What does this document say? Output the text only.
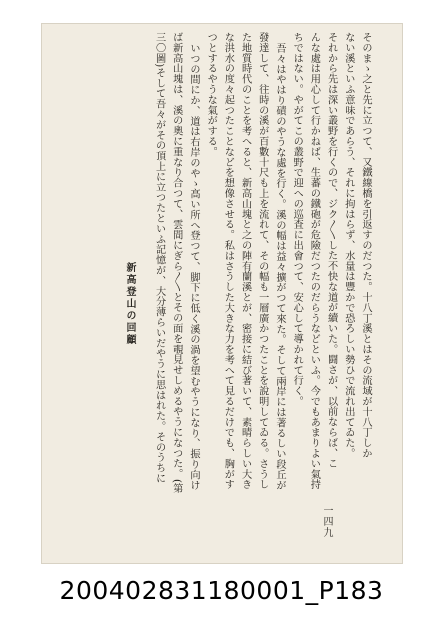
そのまゝ之と先に立つて、又鐵線橋を引返すのだつた。十八丁溪とはその流域が十八丁しか
ない溪といふ意味であらう、それに拘はらず、水量は豐かで恐ろしい勢ひで流れ出てゐた。
それから先は深い叢野を行くので、ジク〱した不快な道が續いた。闘さが、以前ならば、こ
んな處は用心して行かねば、生蕃の鐵砲が危險だつたのだらうなどといふ。今でもあまりよい氣持
ちではない。やがてこの叢野で迎への巡査に出會つて、安心して導かれて行く。
吾々はやはり磧のやうな處を行く。溪の幅は益々擴がつて來た。そして兩岸には著るしい段丘が
發達して、往時の溪が百數十尺も上を流れて、その幅も一層廣かつたことを說明してゐる。さうし
た地質時代のことを考へると、新高山塊と之の陣有蘭溪とが、密接に結び著いて、素晴らしい大き
な洪水の度々起つたことなどを想像させる。私はさうした大きな力を考へて見るだけでも、胸がす
つとするやうな氣がする。
いつの間にか、道は右岸のやゝ高い所へ登つて、脚下に低く溪の渦を望むやうになり、振り向け
ば新高山塊は、溪の奧に重なり合つて、雲間にぎら〱とその面を覗見せしめるやうになつた。(第
三〇圖)そして吾々がその頂上に立つたといふ記憶が、大分薄らいだやうに思はれた。そのうちに
新高登山の回顧
一四九
200402831180001_P183
